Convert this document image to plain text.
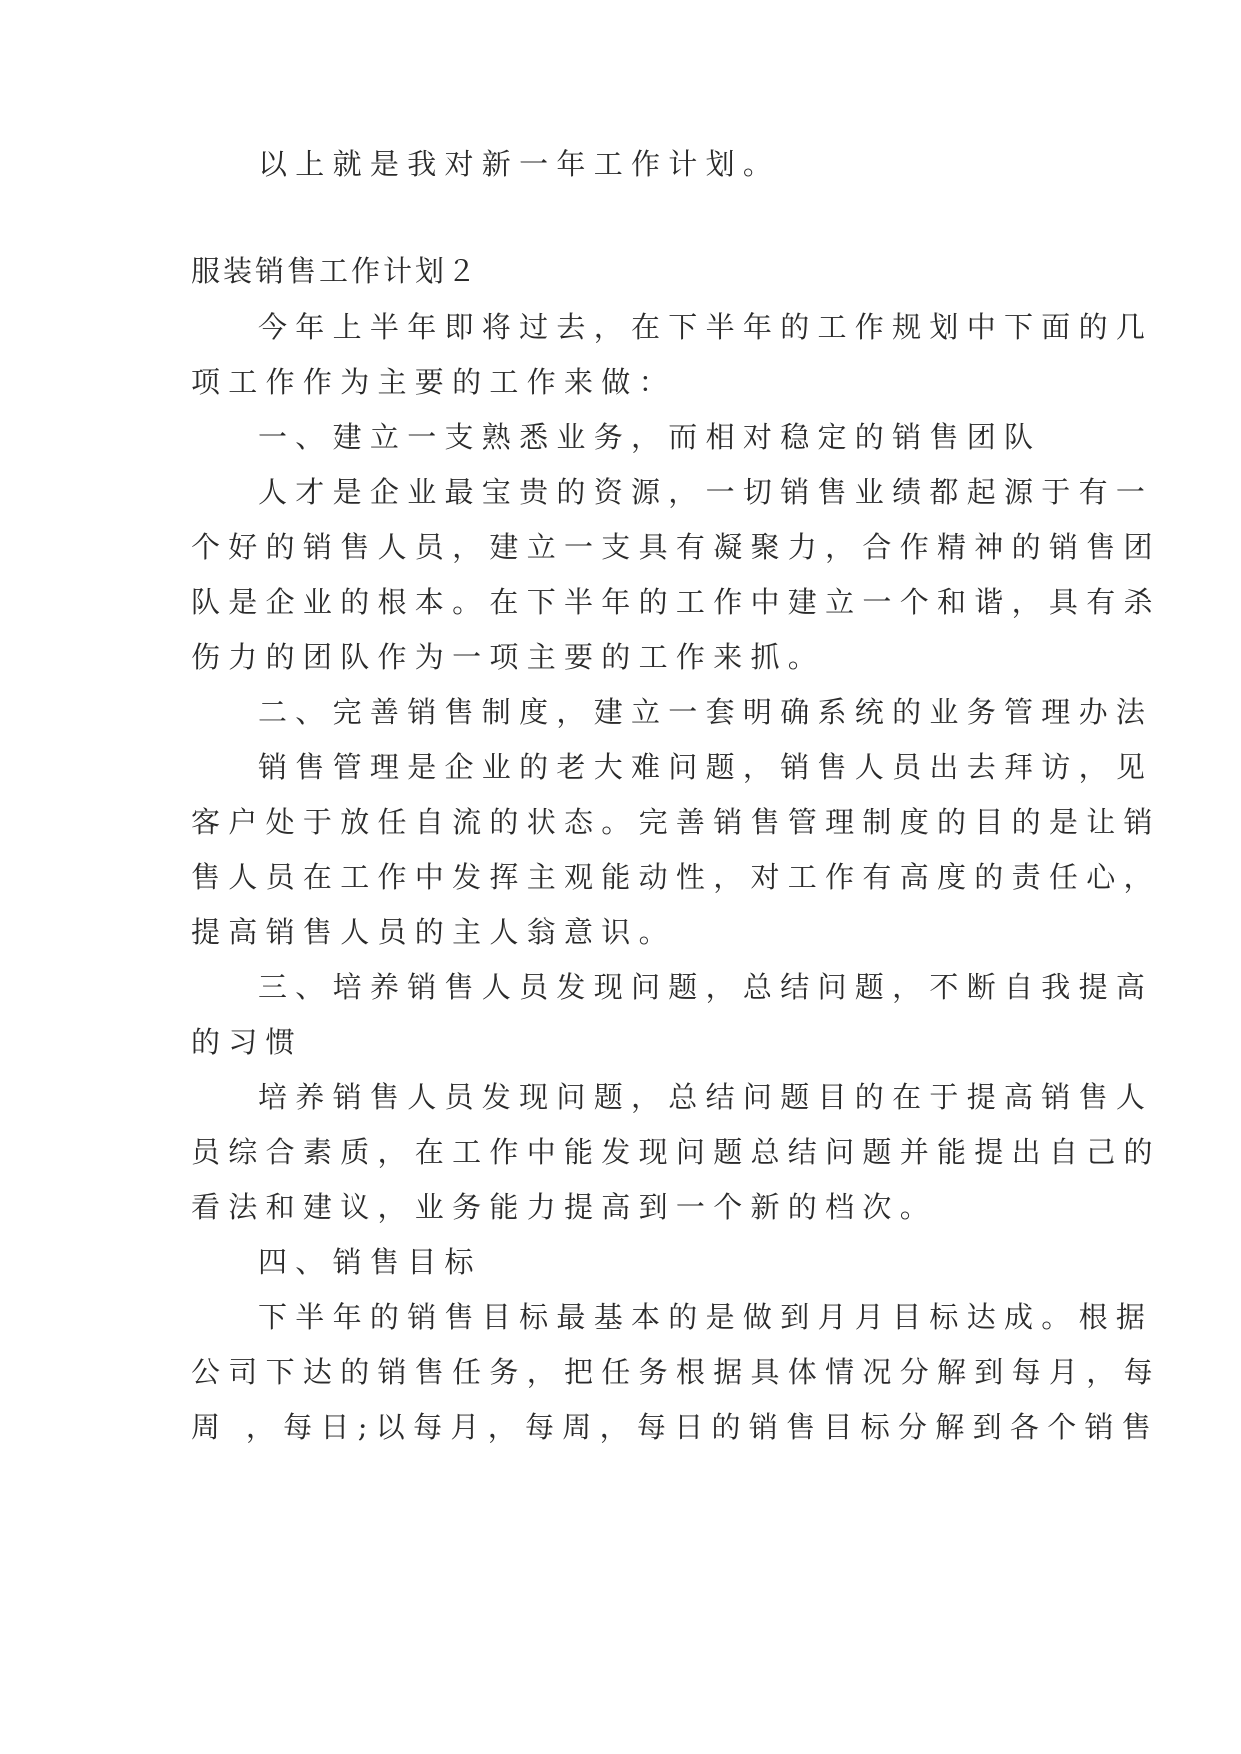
以上就是我对新一年工作计划。
服装销售工作计划２
今年上半年即将过去，在下半年的工作规划中下面的几
项工作作为主要的工作来做：
一、建立一支熟悉业务，而相对稳定的销售团队
人才是企业最宝贵的资源，一切销售业绩都起源于有一
个好的销售人员，建立一支具有凝聚力，合作精神的销售团
队是企业的根本。在下半年的工作中建立一个和谐，具有杀
伤力的团队作为一项主要的工作来抓。
二、完善销售制度，建立一套明确系统的业务管理办法
销售管理是企业的老大难问题，销售人员出去拜访，见
客户处于放任自流的状态。完善销售管理制度的目的是让销
售人员在工作中发挥主观能动性，对工作有高度的责任心，
提高销售人员的主人翁意识。
三、培养销售人员发现问题，总结问题，不断自我提高
的习惯
培养销售人员发现问题，总结问题目的在于提高销售人
员综合素质，在工作中能发现问题总结问题并能提出自己的
看法和建议，业务能力提高到一个新的档次。
四、销售目标
下半年的销售目标最基本的是做到月月目标达成。根据
公司下达的销售任务，把任务根据具体情况分解到每月，每
周 ，每日;以每月，每周，每日的销售目标分解到各个销售
